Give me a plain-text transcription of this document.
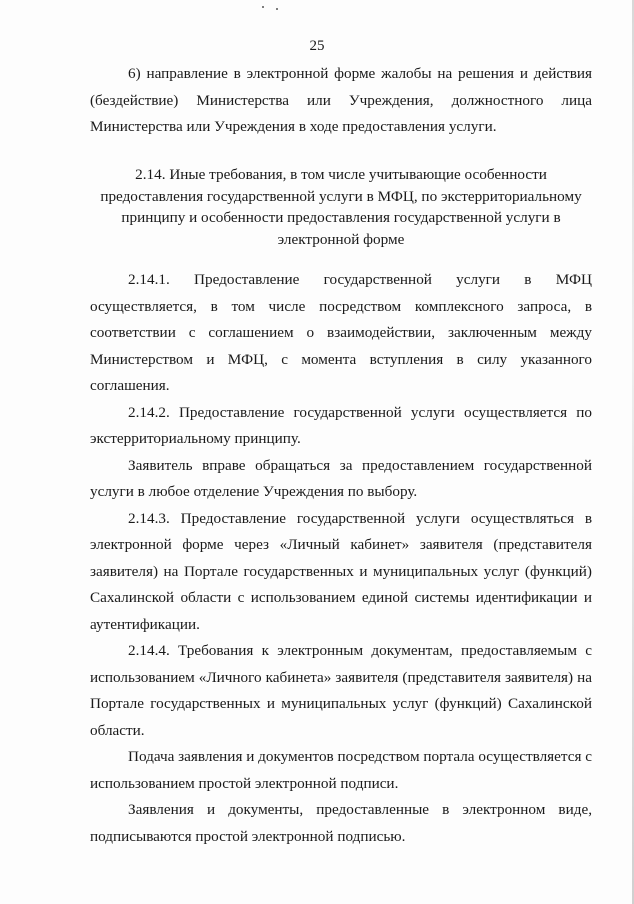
25

6) направление в электронной форме жалобы на решения и действия (бездействие) Министерства или Учреждения, должностного лица Министерства или Учреждения в ходе предоставления услуги.

2.14. Иные требования, в том числе учитывающие особенности предоставления государственной услуги в МФЦ, по экстерриториальному принципу и особенности предоставления государственной услуги в электронной форме

2.14.1. Предоставление государственной услуги в МФЦ осуществляется, в том числе посредством комплексного запроса, в соответствии с соглашением о взаимодействии, заключенным между Министерством и МФЦ, с момента вступления в силу указанного соглашения.

2.14.2. Предоставление государственной услуги осуществляется по экстерриториальному принципу.

Заявитель вправе обращаться за предоставлением государственной услуги в любое отделение Учреждения по выбору.

2.14.3. Предоставление государственной услуги осуществляться в электронной форме через «Личный кабинет» заявителя (представителя заявителя) на Портале государственных и муниципальных услуг (функций) Сахалинской области с использованием единой системы идентификации и аутентификации.

2.14.4. Требования к электронным документам, предоставляемым с использованием «Личного кабинета» заявителя (представителя заявителя) на Портале государственных и муниципальных услуг (функций) Сахалинской области.

Подача заявления и документов посредством портала осуществляется с использованием простой электронной подписи.

Заявления и документы, предоставленные в электронном виде, подписываются простой электронной подписью.
